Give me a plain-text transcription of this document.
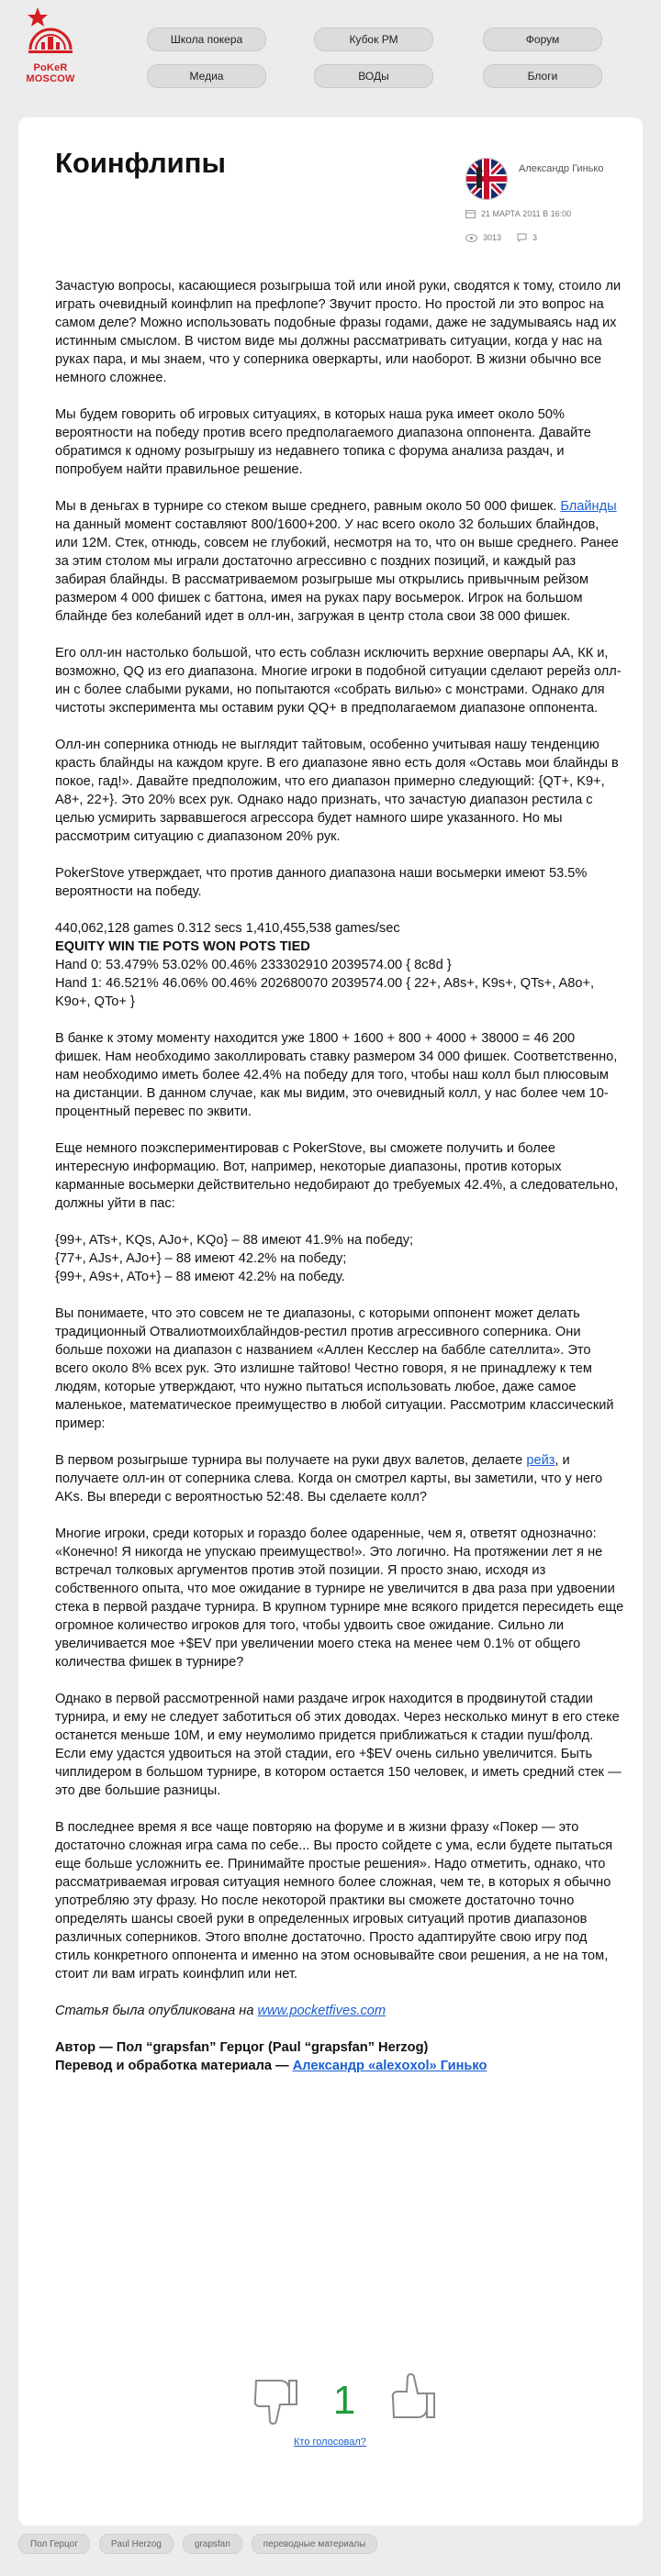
PoKeR
MOSCOW
Школа покера	Кубок РМ	Форум
Медиа	ВОДы	Блоги
Коинфлипы	Александр Гинько
21 МАРТА 2011 В 16:00
3013	3

Зачастую вопросы, касающиеся розыгрыша той или иной руки, сводятся к тому, стоило ли играть очевидный коинфлип на префлопе? Звучит просто. Но простой ли это вопрос на самом деле? Можно использовать подобные фразы годами, даже не задумываясь над их истинным смыслом. В чистом виде мы должны рассматривать ситуации, когда у нас на руках пара, и мы знаем, что у соперника оверкарты, или наоборот. В жизни обычно все немного сложнее.

Мы будем говорить об игровых ситуациях, в которых наша рука имеет около 50% вероятности на победу против всего предполагаемого диапазона оппонента. Давайте обратимся к одному розыгрышу из недавнего топика с форума анализа раздач, и попробуем найти правильное решение.

Мы в деньгах в турнире со стеком выше среднего, равным около 50 000 фишек. Блайнды на данный момент составляют 800/1600+200. У нас всего около 32 больших блайндов, или 12M. Стек, отнюдь, совсем не глубокий, несмотря на то, что он выше среднего. Ранее за этим столом мы играли достаточно агрессивно с поздних позиций, и каждый раз забирая блайнды. В рассматриваемом розыгрыше мы открылись привычным рейзом размером 4 000 фишек с баттона, имея на руках пару восьмерок. Игрок на большом блайнде без колебаний идет в олл-ин, загружая в центр стола свои 38 000 фишек.

Его олл-ин настолько большой, что есть соблазн исключить верхние оверпары АА, КК и, возможно, QQ из его диапазона. Многие игроки в подобной ситуации сделают ререйз олл-ин с более слабыми руками, но попытаются «собрать вилью» с монстрами. Однако для чистоты эксперимента мы оставим руки QQ+ в предполагаемом диапазоне оппонента.

Олл-ин соперника отнюдь не выглядит тайтовым, особенно учитывая нашу тенденцию красть блайнды на каждом круге. В его диапазоне явно есть доля «Оставь мои блайнды в покое, гад!». Давайте предположим, что его диапазон примерно следующий: {QT+, K9+, A8+, 22+}. Это 20% всех рук. Однако надо признать, что зачастую диапазон рестила с целью усмирить зарвавшегося агрессора будет намного шире указанного. Но мы рассмотрим ситуацию с диапазоном 20% рук.

PokerStove утверждает, что против данного диапазона наши восьмерки имеют 53.5% вероятности на победу.

440,062,128 games 0.312 secs 1,410,455,538 games/sec

EQUITY WIN TIE POTS WON POTS TIED

Hand 0: 53.479% 53.02% 00.46% 233302910 2039574.00 { 8c8d }

Hand 1: 46.521% 46.06% 00.46% 202680070 2039574.00 { 22+, A8s+, K9s+, QTs+, A8o+, K9o+, QTo+ }

В банке к этому моменту находится уже 1800 + 1600 + 800 + 4000 + 38000 = 46 200 фишек. Нам необходимо заколлировать ставку размером 34 000 фишек. Соответственно, нам необходимо иметь более 42.4% на победу для того, чтобы наш колл был плюсовым на дистанции. В данном случае, как мы видим, это очевидный колл, у нас более чем 10-процентный перевес по эквити.

Еще немного поэкспериментировав с PokerStove, вы сможете получить и более интересную информацию. Вот, например, некоторые диапазоны, против которых карманные восьмерки действительно недобирают до требуемых 42.4%, а следовательно, должны уйти в пас:

{99+, ATs+, KQs, AJo+, KQo} – 88 имеют 41.9% на победу;

{77+, AJs+, AJo+} – 88 имеют 42.2% на победу;

{99+, A9s+, ATo+} – 88 имеют 42.2% на победу.

Вы понимаете, что это совсем не те диапазоны, с которыми оппонент может делать традиционный Отвалиотмоихблайндов-рестил против агрессивного соперника. Они больше похожи на диапазон с названием «Аллен Кесслер на баббле сателлита». Это всего около 8% всех рук. Это излишне тайтово! Честно говоря, я не принадлежу к тем людям, которые утверждают, что нужно пытаться использовать любое, даже самое маленькое, математическое преимущество в любой ситуации. Рассмотрим классический пример:

В первом розыгрыше турнира вы получаете на руки двух валетов, делаете рейз, и получаете олл-ин от соперника слева. Когда он смотрел карты, вы заметили, что у него AKs. Вы впереди с вероятностью 52:48. Вы сделаете колл?

Многие игроки, среди которых и гораздо более одаренные, чем я, ответят однозначно: «Конечно! Я никогда не упускаю преимущество!». Это логично. На протяжении лет я не встречал толковых аргументов против этой позиции. Я просто знаю, исходя из собственного опыта, что мое ожидание в турнире не увеличится в два раза при удвоении стека в первой раздаче турнира. В крупном турнире мне всякого придется пересидеть еще огромное количество игроков для того, чтобы удвоить свое ожидание. Сильно ли увеличивается мое +$EV при увеличении моего стека на менее чем 0.1% от общего количества фишек в турнире?

Однако в первой рассмотренной нами раздаче игрок находится в продвинутой стадии турнира, и ему не следует заботиться об этих доводах. Через несколько минут в его стеке останется меньше 10M, и ему неумолимо придется приближаться к стадии пуш/фолд. Если ему удастся удвоиться на этой стадии, его +$EV очень сильно увеличится. Быть чиплидером в большом турнире, в котором остается 150 человек, и иметь средний стек — это две большие разницы.

В последнее время я все чаще повторяю на форуме и в жизни фразу «Покер — это достаточно сложная игра сама по себе... Вы просто сойдете с ума, если будете пытаться еще больше усложнить ее. Принимайте простые решения». Надо отметить, однако, что рассматриваемая игровая ситуация немного более сложная, чем те, в которых я обычно употребляю эту фразу. Но после некоторой практики вы сможете достаточно точно определять шансы своей руки в определенных игровых ситуаций против диапазонов различных соперников. Этого вполне достаточно. Просто адаптируйте свою игру под стиль конкретного оппонента и именно на этом основывайте свои решения, а не на том, стоит ли вам играть коинфлип или нет.

Статья была опубликована на www.pocketfives.com

Автор — Пол “grapsfan” Герцог (Paul “grapsfan” Herzog)

Перевод и обработка материала — Александр «alexoxol» Гинько

1
Кто голосовал?
Пол Герцог	Paul Herzog	grapsfan	переводные материалы
